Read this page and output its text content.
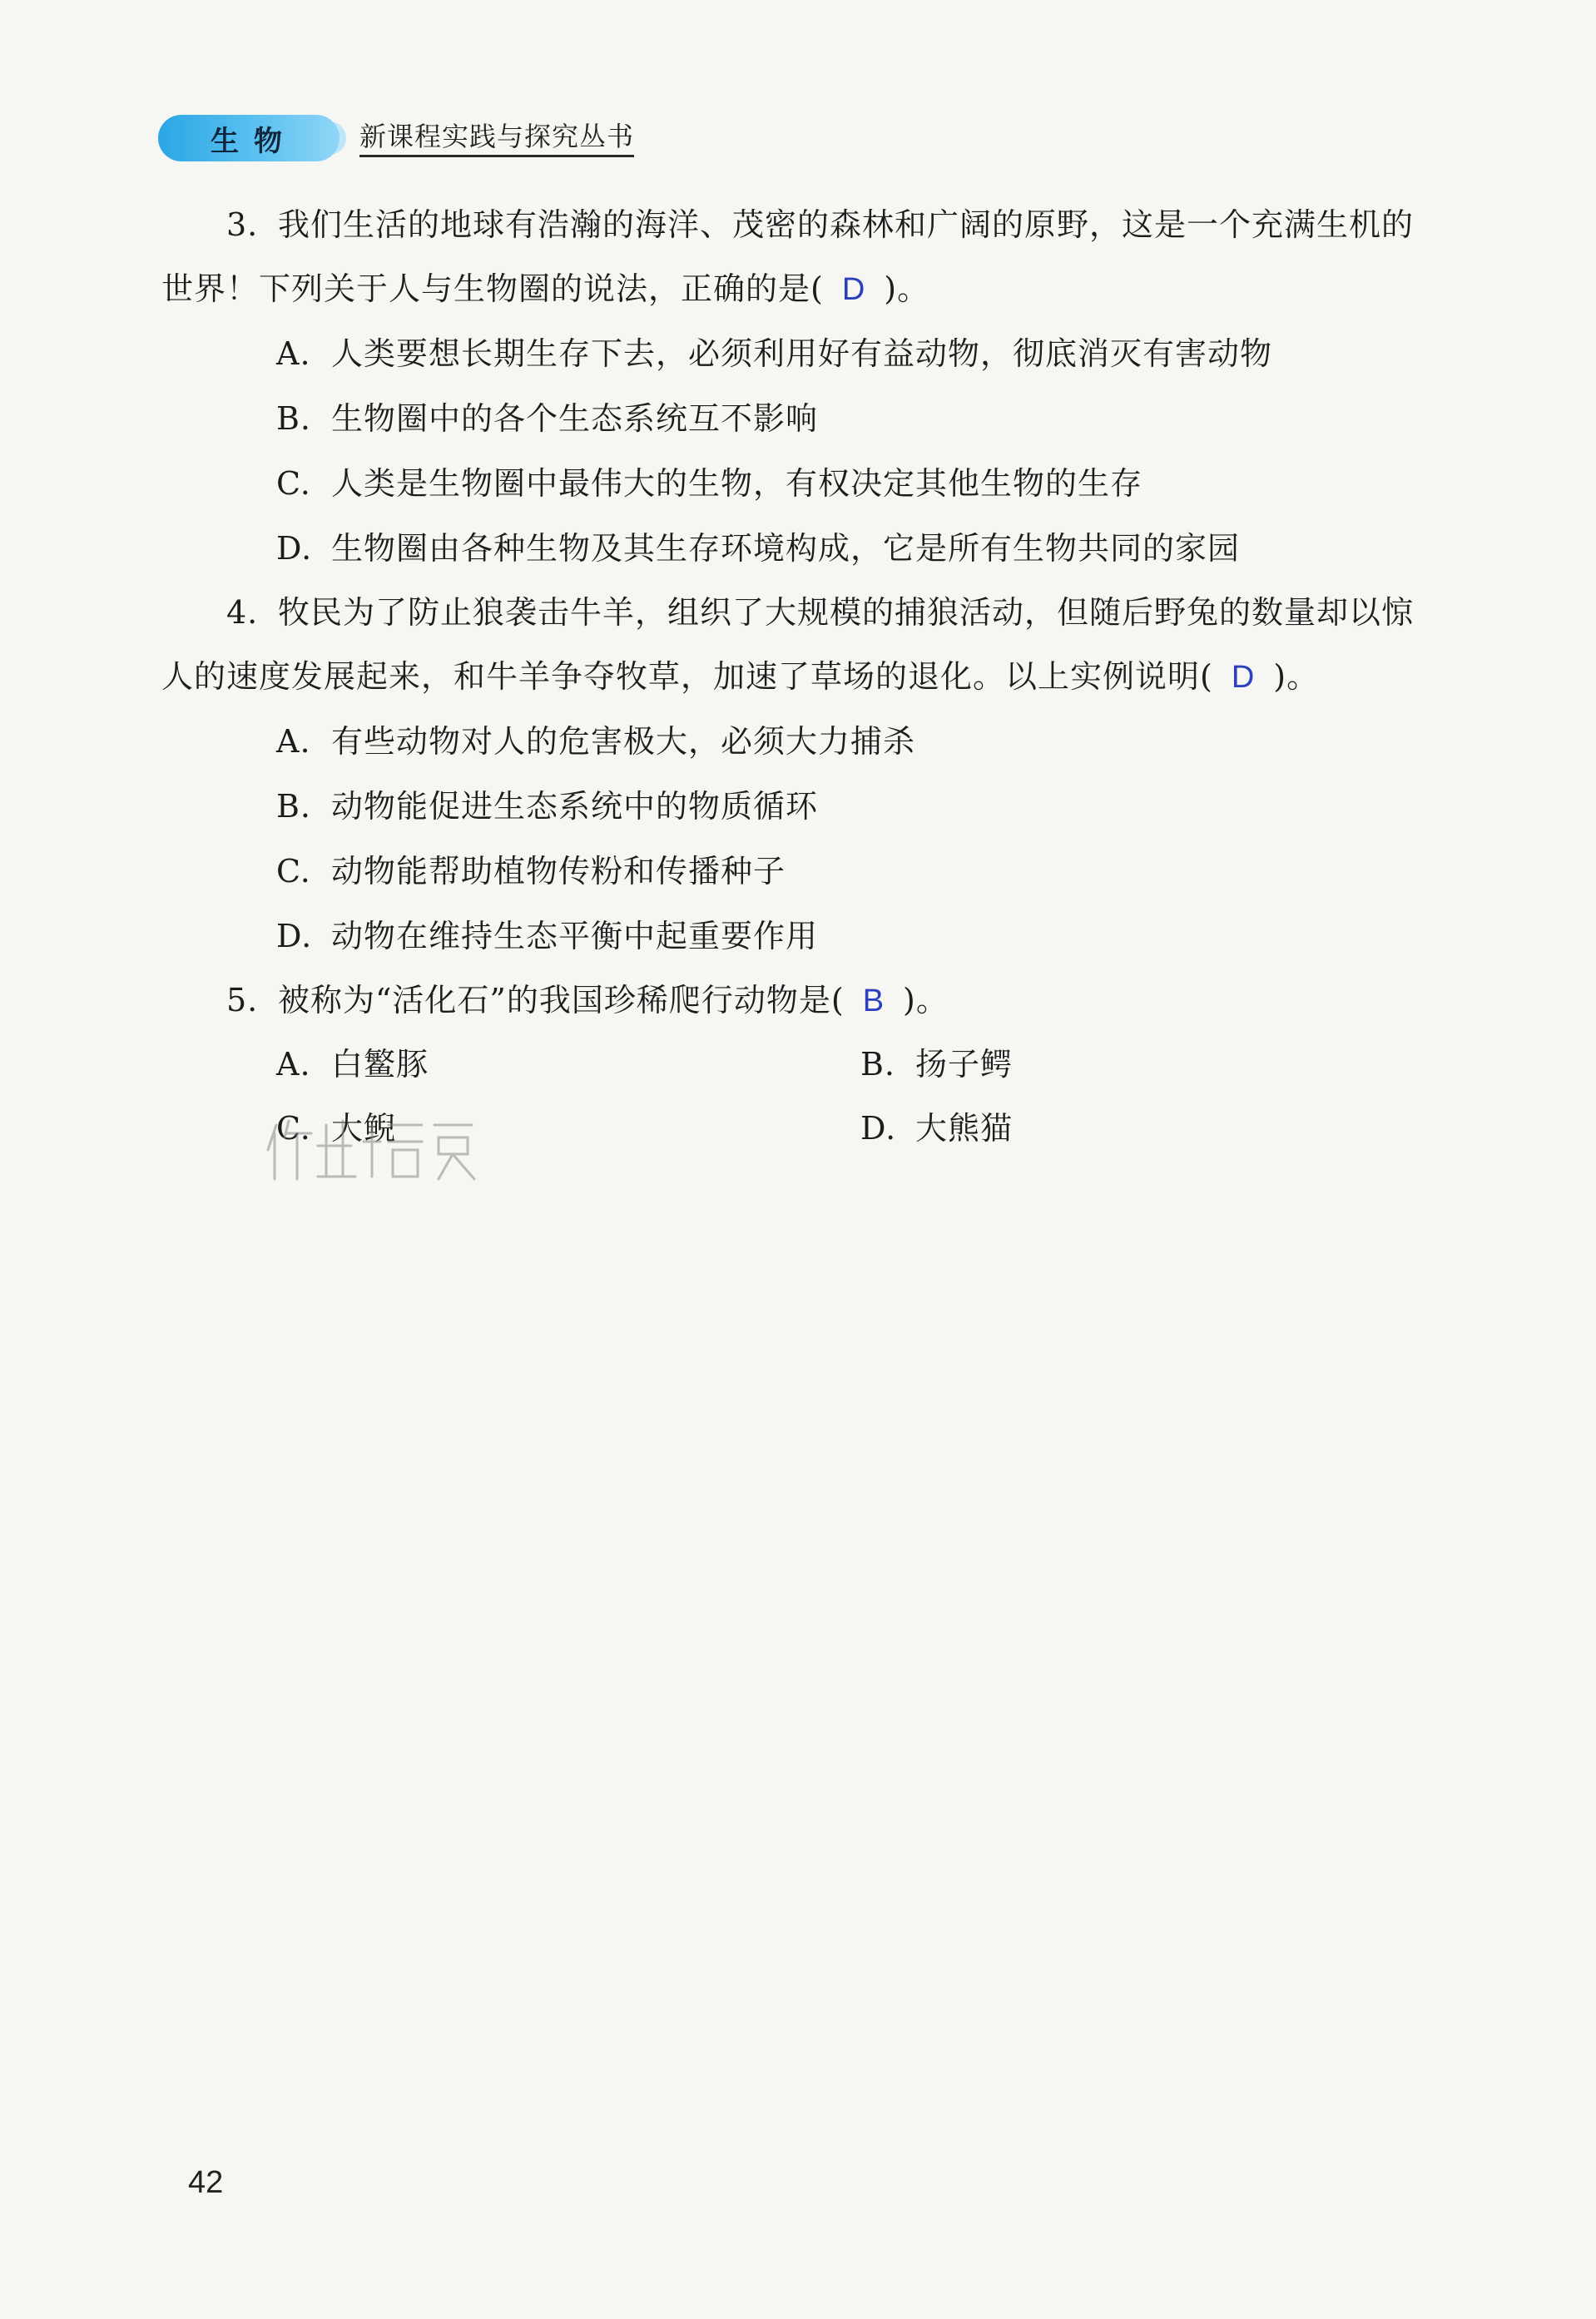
生物 新课程实践与探究丛书
3. 我们生活的地球有浩瀚的海洋、茂密的森林和广阔的原野，这是一个充满生机的
世界！下列关于人与生物圈的说法，正确的是( D )。
A. 人类要想长期生存下去，必须利用好有益动物，彻底消灭有害动物
B. 生物圈中的各个生态系统互不影响
C. 人类是生物圈中最伟大的生物，有权决定其他生物的生存
D. 生物圈由各种生物及其生存环境构成，它是所有生物共同的家园
4. 牧民为了防止狼袭击牛羊，组织了大规模的捕狼活动，但随后野兔的数量却以惊
人的速度发展起来，和牛羊争夺牧草，加速了草场的退化。以上实例说明( D )。
A. 有些动物对人的危害极大，必须大力捕杀
B. 动物能促进生态系统中的物质循环
C. 动物能帮助植物传粉和传播种子
D. 动物在维持生态平衡中起重要作用
5. 被称为“活化石”的我国珍稀爬行动物是( B )。
A. 白鳘豚	B. 扬子鳄
C. 大鲵	D. 大熊猫
42
